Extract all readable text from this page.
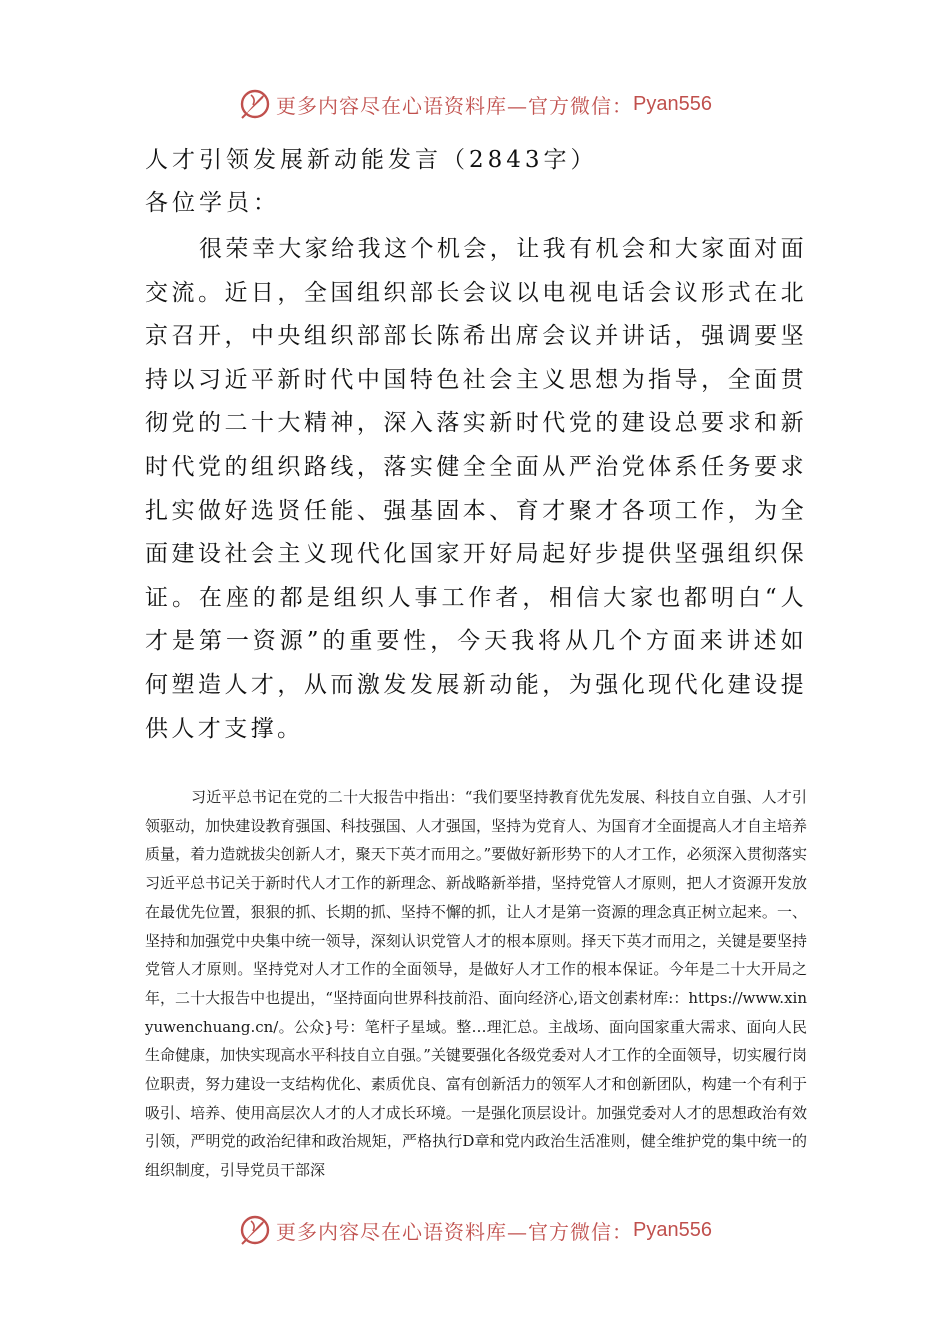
更多内容尽在心语资料库—官方微信： Pyan556
人才引领发展新动能发言（2843字）
各位学员：

很荣幸大家给我这个机会，让我有机会和大家面对面交流。近日，全国组织部长会议以电视电话会议形式在北京召开，中央组织部部长陈希出席会议并讲话，强调要坚持以习近平新时代中国特色社会主义思想为指导，全面贯彻党的二十大精神，深入落实新时代党的建设总要求和新时代党的组织路线，落实健全全面从严治党体系任务要求扎实做好选贤任能、强基固本、育才聚才各项工作，为全面建设社会主义现代化国家开好局起好步提供坚强组织保证。在座的都是组织人事工作者，相信大家也都明白“人才是第一资源”的重要性，今天我将从几个方面来讲述如何塑造人才，从而激发发展新动能，为强化现代化建设提供人才支撑。

习近平总书记在党的二十大报告中指出：“我们要坚持教育优先发展、科技自立自强、人才引领驱动，加快建设教育强国、科技强国、人才强国，坚持为党育人、为国育才全面提高人才自主培养质量，着力造就拔尖创新人才，聚天下英才而用之。”要做好新形势下的人才工作，必须深入贯彻落实习近平总书记关于新时代人才工作的新理念、新战略新举措，坚持党管人才原则，把人才资源开发放在最优先位置，狠狠的抓、长期的抓、坚持不懈的抓，让人才是第一资源的理念真正树立起来。一、坚持和加强党中央集中统一领导，深刻认识党管人才的根本原则。择天下英才而用之，关键是要坚持党管人才原则。坚持党对人才工作的全面领导，是做好人才工作的根本保证。今年是二十大开局之年，二十大报告中也提出，“坚持面向世界科技前沿、面向经济心,语文创素材库:：https://www.xinyuwenchuang.cn/。公众}号：笔杆子星域。整…理汇总。主战场、面向国家重大需求、面向人民生命健康，加快实现高水平科技自立自强。”关键要强化各级党委对人才工作的全面领导，切实履行岗位职责，努力建设一支结构优化、素质优良、富有创新活力的领军人才和创新团队，构建一个有利于吸引、培养、使用高层次人才的人才成长环境。一是强化顶层设计。加强党委对人才的思想政治有效引领，严明党的政治纪律和政治规矩，严格执行D章和党内政治生活准则，健全维护党的集中统一的组织制度，引导党员干部深

更多内容尽在心语资料库—官方微信： Pyan556
